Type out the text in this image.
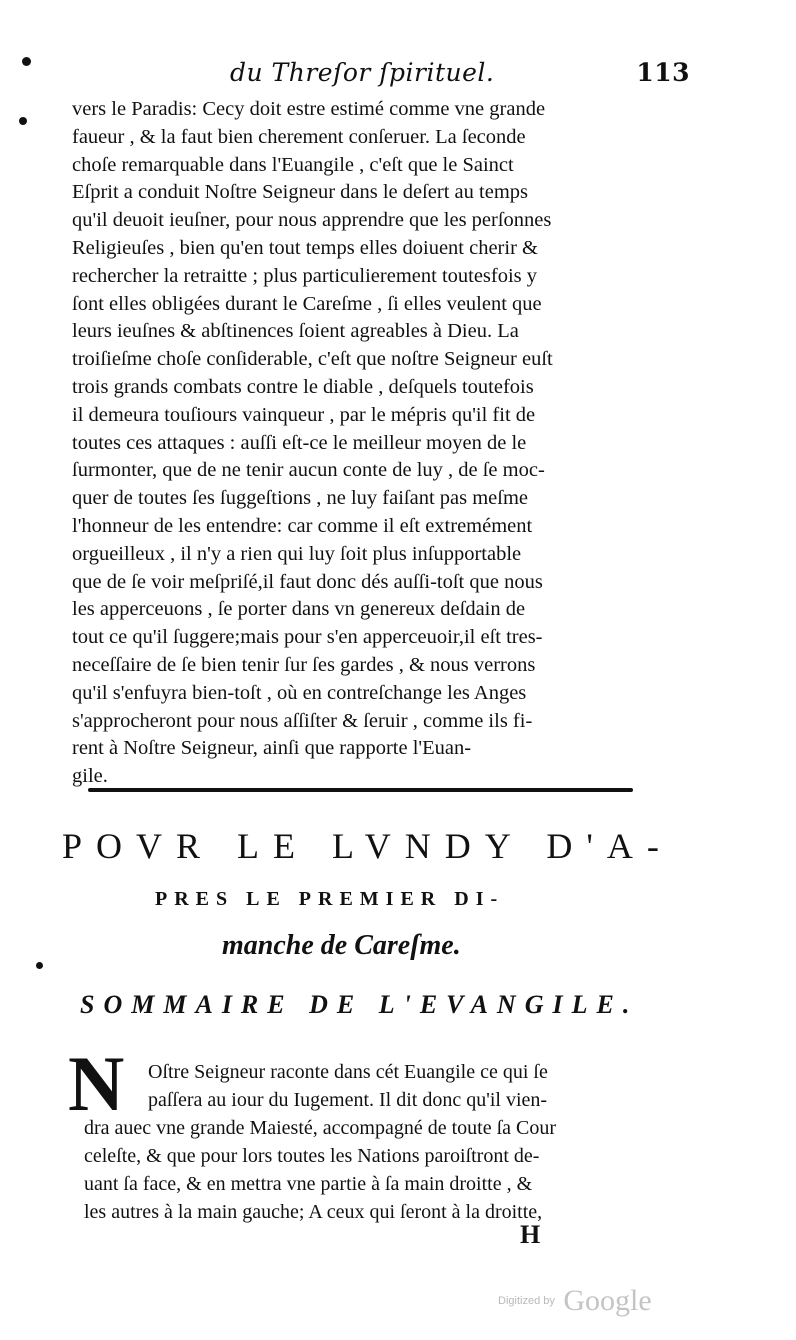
du Threſor ſpirituel.	113
vers le Paradis: Cecy doit estre estimé comme vne grande
faueur , & la faut bien cherement conſeruer. La ſeconde
choſe remarquable dans l'Euangile , c'eſt que le Sainct
Eſprit a conduit Noſtre Seigneur dans le deſert au temps
qu'il deuoit ieuſner, pour nous apprendre que les perſonnes
Religieuſes , bien qu'en tout temps elles doiuent cherir &
rechercher la retraitte ; plus particulierement toutesfois y
ſont elles obligées durant le Careſme , ſi elles veulent que
leurs ieuſnes & abſtinences ſoient agreables à Dieu. La
troiſieſme choſe conſiderable, c'eſt que noſtre Seigneur euſt
trois grands combats contre le diable , deſquels toutefois
il demeura touſiours vainqueur , par le mépris qu'il fit de
toutes ces attaques : auſſi eſt-ce le meilleur moyen de le
ſurmonter, que de ne tenir aucun conte de luy , de ſe moc-
quer de toutes ſes ſuggeſtions , ne luy faiſant pas meſme
l'honneur de les entendre: car comme il eſt extremément
orgueilleux , il n'y a rien qui luy ſoit plus inſupportable
que de ſe voir meſpriſé,il faut donc dés auſſi-toſt que nous
les apperceuons , ſe porter dans vn genereux deſdain de
tout ce qu'il ſuggere;mais pour s'en apperceuoir,il eſt tres-
neceſſaire de ſe bien tenir ſur ſes gardes , & nous verrons
qu'il s'enfuyra bien-toſt , où en contreſchange les Anges
s'approcheront pour nous aſſiſter & ſeruir , comme ils fi-
rent à Noſtre Seigneur, ainſi que rapporte l'Euan-
gile.
POVR LE LVNDY D'A-
PRES LE PREMIER DI-
manche de Careſme.
SOMMAIRE DE L'EVANGILE.
N	Oſtre Seigneur raconte dans cét Euangile ce qui ſe
paſſera au iour du Iugement. Il dit donc qu'il vien-
dra auec vne grande Maiesté, accompagné de toute ſa Cour
celeſte, & que pour lors toutes les Nations paroiſtront de-
uant ſa face, & en mettra vne partie à ſa main droitte , &
les autres à la main gauche; A ceux qui ſeront à la droitte,
H
Digitized by Google
